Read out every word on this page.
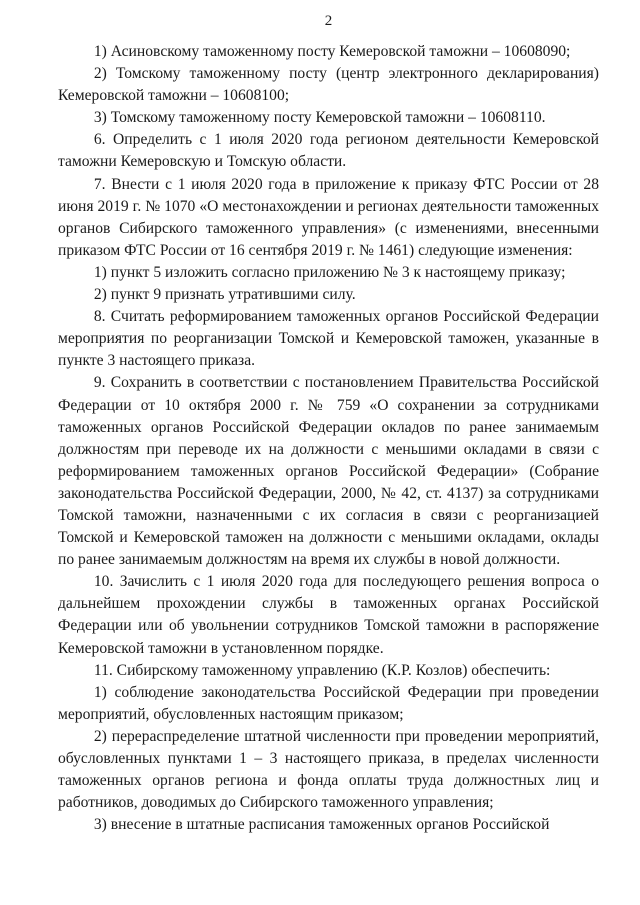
2

1) Асиновскому таможенному посту Кемеровской таможни – 10608090;

2) Томскому таможенному посту (центр электронного декларирования) Кемеровской таможни – 10608100;

3) Томскому таможенному посту Кемеровской таможни – 10608110.

6. Определить с 1 июля 2020 года регионом деятельности Кемеровской таможни Кемеровскую и Томскую области.

7. Внести с 1 июля 2020 года в приложение к приказу ФТС России от 28 июня 2019 г. № 1070 «О местонахождении и регионах деятельности таможенных органов Сибирского таможенного управления» (с изменениями, внесенными приказом ФТС России от 16 сентября 2019 г. № 1461) следующие изменения:

1) пункт 5 изложить согласно приложению № 3 к настоящему приказу;

2) пункт 9 признать утратившими силу.

8. Считать реформированием таможенных органов Российской Федерации мероприятия по реорганизации Томской и Кемеровской таможен, указанные в пункте 3 настоящего приказа.

9. Сохранить в соответствии с постановлением Правительства Российской Федерации от 10 октября 2000 г. № 759 «О сохранении за сотрудниками таможенных органов Российской Федерации окладов по ранее занимаемым должностям при переводе их на должности с меньшими окладами в связи с реформированием таможенных органов Российской Федерации» (Собрание законодательства Российской Федерации, 2000, № 42, ст. 4137) за сотрудниками Томской таможни, назначенными с их согласия в связи с реорганизацией Томской и Кемеровской таможен на должности с меньшими окладами, оклады по ранее занимаемым должностям на время их службы в новой должности.

10. Зачислить с 1 июля 2020 года для последующего решения вопроса о дальнейшем прохождении службы в таможенных органах Российской Федерации или об увольнении сотрудников Томской таможни в распоряжение Кемеровской таможни в установленном порядке.

11. Сибирскому таможенному управлению (К.Р. Козлов) обеспечить:

1) соблюдение законодательства Российской Федерации при проведении мероприятий, обусловленных настоящим приказом;

2) перераспределение штатной численности при проведении мероприятий, обусловленных пунктами 1 – 3 настоящего приказа, в пределах численности таможенных органов региона и фонда оплаты труда должностных лиц и работников, доводимых до Сибирского таможенного управления;

3) внесение в штатные расписания таможенных органов Российской
